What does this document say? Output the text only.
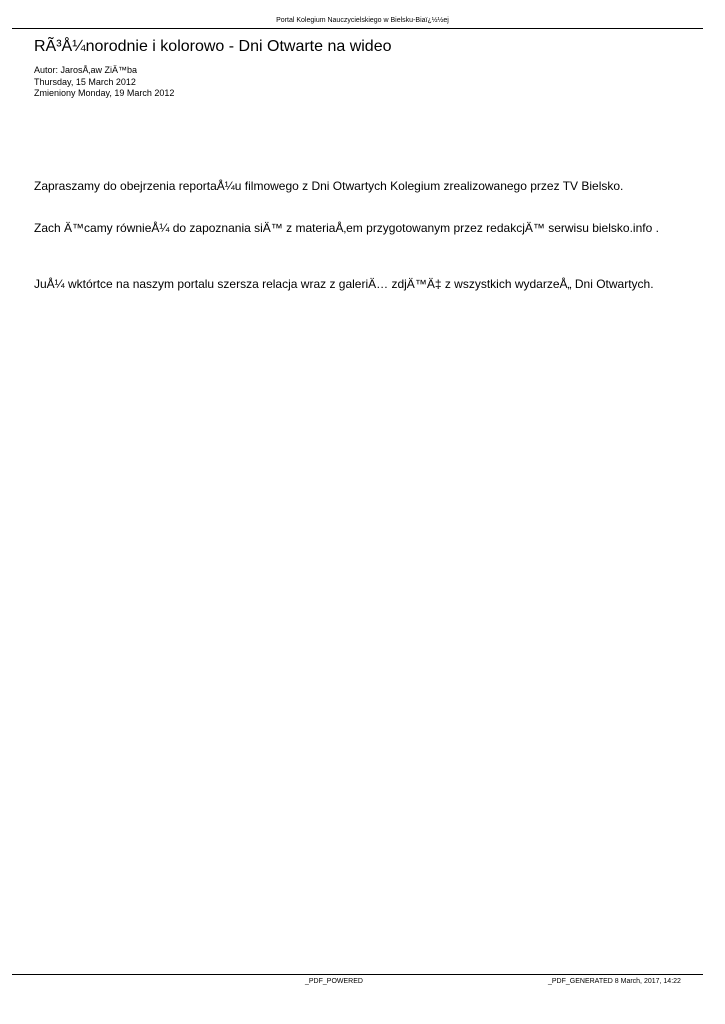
Portal Kolegium Nauczycielskiego w Bielsku-Biaï¿½½ej
RÃ³Å¼norodnie i kolorowo - Dni Otwarte na wideo
Autor: JarosÅ‚aw ZiÄ™ba
Thursday, 15 March 2012
Zmieniony Monday, 19 March 2012
Zapraszamy do obejrzenia reportaÅ¼u filmowego z Dni Otwartych Kolegium zrealizowanego przez TV Bielsko.
Zach Ä™camy równieÅ¼ do zapoznania siÄ™ z materiaÅ‚em przygotowanym przez redakcjÄ™ serwisu bielsko.info .
JuÅ¼ wktórtce na naszym portalu szersza relacja wraz z galeriÄ… zdjÄ™Ä‡ z wszystkich wydarzeÅ„ Dni Otwartych.
_PDF_POWERED	_PDF_GENERATED 8 March, 2017, 14:22
